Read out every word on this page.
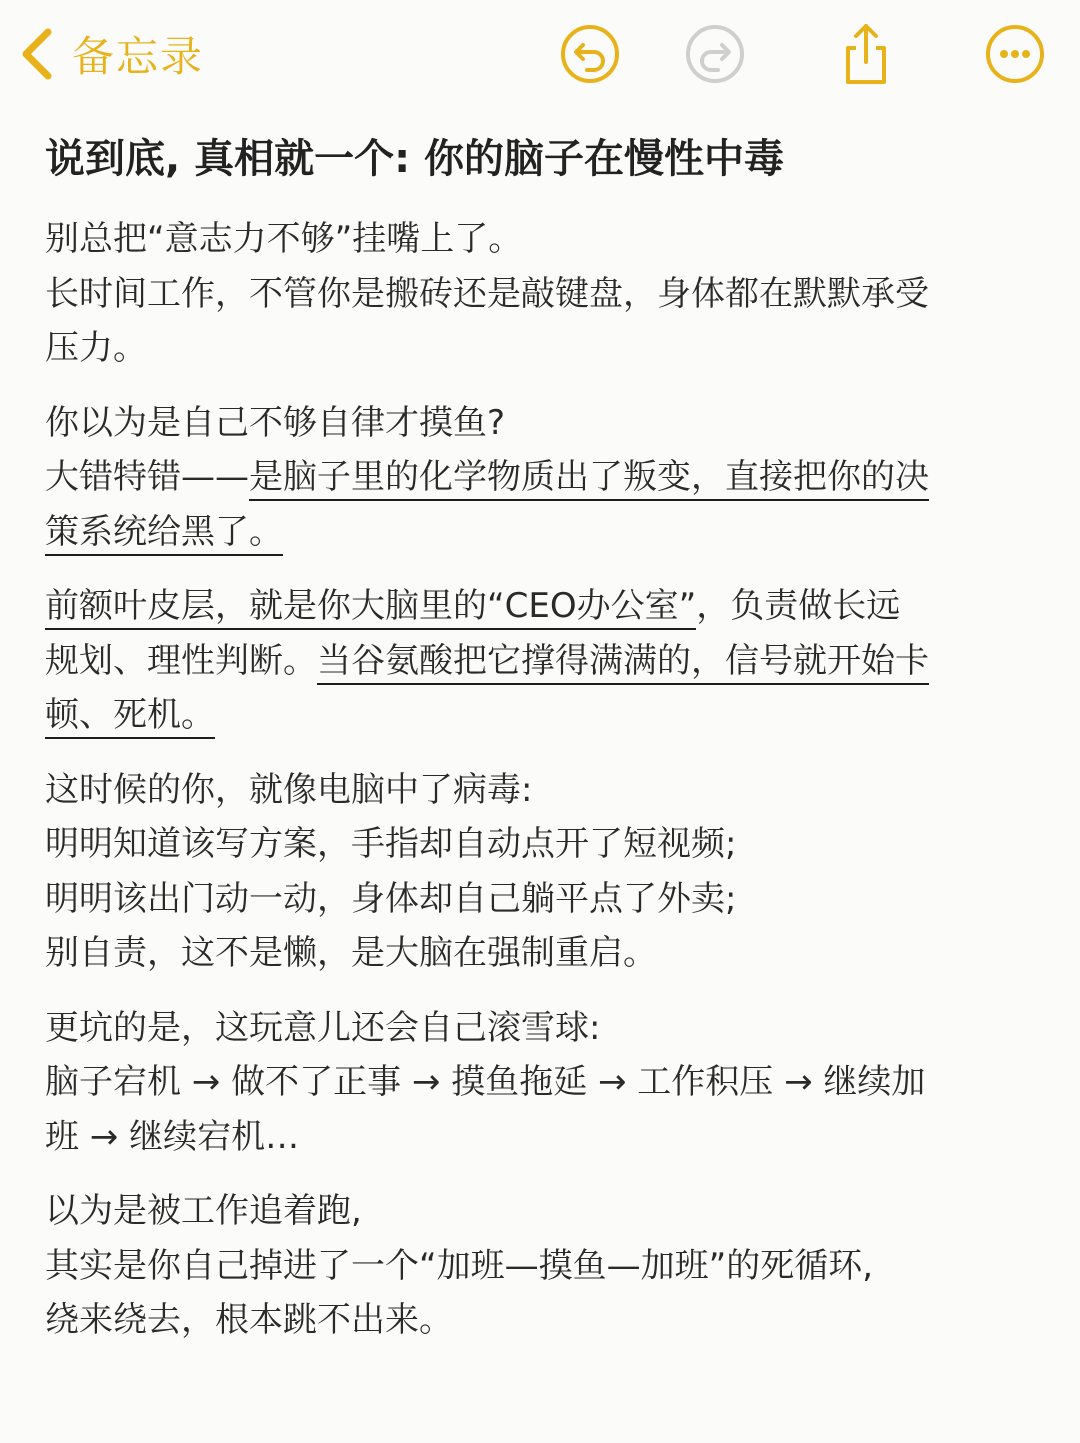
备忘录
说到底, 真相就一个: 你的脑子在慢性中毒
别总把“意志力不够”挂嘴上了。
长时间工作，不管你是搬砖还是敲键盘，身体都在默默承受
压力。
你以为是自己不够自律才摸鱼?
大错特错——是脑子里的化学物质出了叛变，直接把你的决
策系统给黑了。
前额叶皮层，就是你大脑里的“CEO办公室”，负责做长远
规划、理性判断。当谷氨酸把它撑得满满的，信号就开始卡
顿、死机。
这时候的你，就像电脑中了病毒:
明明知道该写方案，手指却自动点开了短视频;
明明该出门动一动，身体却自己躺平点了外卖;
别自责，这不是懒，是大脑在强制重启。
更坑的是，这玩意儿还会自己滚雪球:
脑子宕机 → 做不了正事 → 摸鱼拖延 → 工作积压 → 继续加
班 → 继续宕机…
以为是被工作追着跑,
其实是你自己掉进了一个“加班—摸鱼—加班”的死循环,
绕来绕去，根本跳不出来。
